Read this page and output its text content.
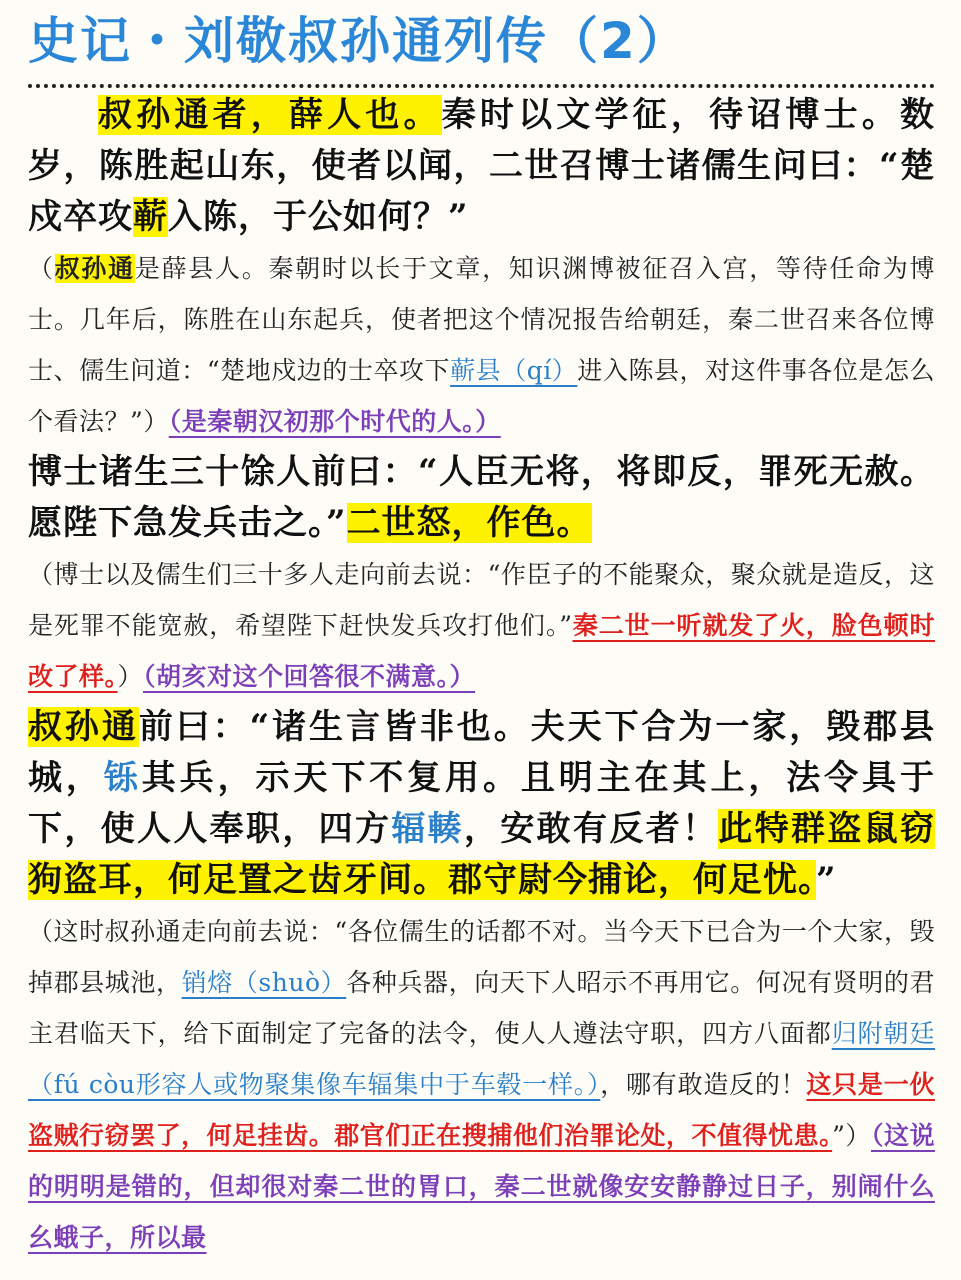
史记・刘敬叔孙通列传（2）

叔孙通者，薛人也。秦时以文学征，待诏博士。数岁，陈胜起山东，使者以闻，二世召博士诸儒生问曰：“楚戍卒攻蕲入陈，于公如何？”

（叔孙通是薛县人。秦朝时以长于文章，知识渊博被征召入宫，等待任命为博士。几年后，陈胜在山东起兵，使者把这个情况报告给朝廷，秦二世召来各位博士、儒生问道：“楚地戍边的士卒攻下蕲县（qí）进入陈县，对这件事各位是怎么个看法？”）（是秦朝汉初那个时代的人。）

博士诸生三十馀人前曰：“人臣无将，将即反，罪死无赦。愿陛下急发兵击之。”二世怒，作色。

（博士以及儒生们三十多人走向前去说：“作臣子的不能聚众，聚众就是造反，这是死罪不能宽赦，希望陛下赶快发兵攻打他们。”秦二世一听就发了火，脸色顿时改了样。）（胡亥对这个回答很不满意。）

叔孙通前曰：“诸生言皆非也。夫天下合为一家，毁郡县城，铄其兵，示天下不复用。且明主在其上，法令具于下，使人人奉职，四方辐輳，安敢有反者！此特群盗鼠窃狗盗耳，何足置之齿牙间。郡守尉今捕论，何足忧。”

（这时叔孙通走向前去说：“各位儒生的话都不对。当今天下已合为一个大家，毁掉郡县城池，销熔（shuò）各种兵器，向天下人昭示不再用它。何况有贤明的君主君临天下，给下面制定了完备的法令，使人人遵法守职，四方八面都归附朝廷（fú còu形容人或物聚集像车辐集中于车毂一样。），哪有敢造反的！这只是一伙盗贼行窃罢了，何足挂齿。郡官们正在搜捕他们治罪论处，不值得忧患。”）（这说的明明是错的，但却很对秦二世的胃口，秦二世就像安安静静过日子，别闹什么幺蛾子，所以最
